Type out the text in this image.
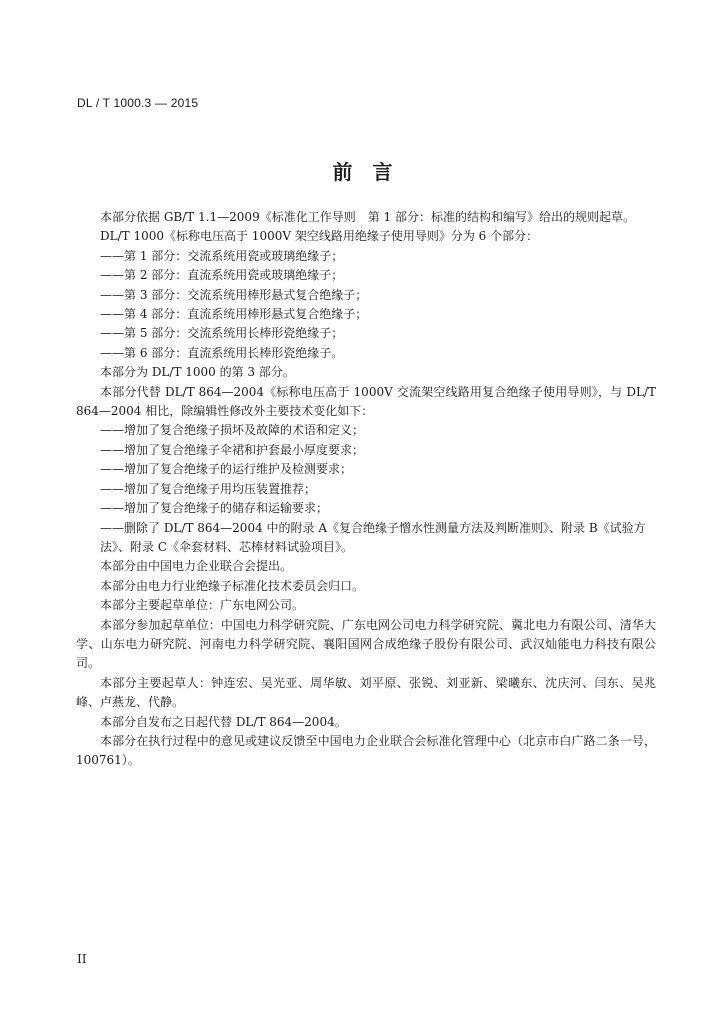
DL / T 1000.3 — 2015
前　言

本部分依据 GB/T 1.1—2009《标准化工作导则　第 1 部分：标准的结构和编写》给出的规则起草。

DL/T 1000《标称电压高于 1000V 架空线路用绝缘子使用导则》分为 6 个部分：

——第 1 部分：交流系统用瓷或玻璃绝缘子；

——第 2 部分：直流系统用瓷或玻璃绝缘子；

——第 3 部分：交流系统用棒形悬式复合绝缘子；

——第 4 部分：直流系统用棒形悬式复合绝缘子；

——第 5 部分：交流系统用长棒形瓷绝缘子；

——第 6 部分：直流系统用长棒形瓷绝缘子。

本部分为 DL/T 1000 的第 3 部分。

本部分代替 DL/T 864—2004《标称电压高于 1000V 交流架空线路用复合绝缘子使用导则》，与 DL/T 864—2004 相比，除编辑性修改外主要技术变化如下：

——增加了复合绝缘子损坏及故障的术语和定义；

——增加了复合绝缘子伞裙和护套最小厚度要求；

——增加了复合绝缘子的运行维护及检测要求；

——增加了复合绝缘子用均压装置推荐；

——增加了复合绝缘子的储存和运输要求；

——删除了 DL/T 864—2004 中的附录 A《复合绝缘子憎水性测量方法及判断准则》、附录 B《试验方法》、附录 C《伞套材料、芯棒材料试验项目》。

本部分由中国电力企业联合会提出。

本部分由电力行业绝缘子标准化技术委员会归口。

本部分主要起草单位：广东电网公司。

本部分参加起草单位：中国电力科学研究院、广东电网公司电力科学研究院、冀北电力有限公司、清华大学、山东电力研究院、河南电力科学研究院、襄阳国网合成绝缘子股份有限公司、武汉灿能电力科技有限公司。

本部分主要起草人：钟连宏、吴光亚、周华敏、刘平原、张锐、刘亚新、梁曦东、沈庆河、闫东、吴兆峰、卢燕龙、代静。

本部分自发布之日起代替 DL/T 864—2004。

本部分在执行过程中的意见或建议反馈至中国电力企业联合会标准化管理中心（北京市白广路二条一号，100761）。

II
